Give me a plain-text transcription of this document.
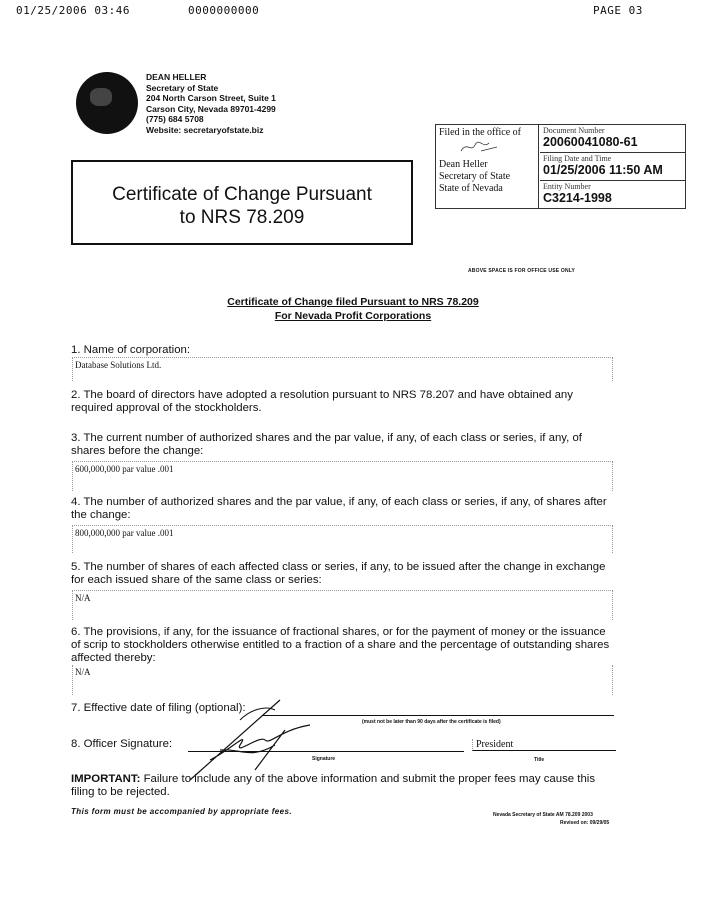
01/25/2006 03:46	0000000000	PAGE 03
DEAN HELLER
Secretary of State
204 North Carson Street, Suite 1
Carson City, Nevada 89701-4299
(775) 684 5708
Website: secretaryofstate.biz
Certificate of Change Pursuant
to NRS 78.209
Filed in the office of
Dean Heller
Secretary of State
State of Nevada
Document Number
20060041080-61
Filing Date and Time
01/25/2006 11:50 AM
Entity Number
C3214-1998
ABOVE SPACE IS FOR OFFICE USE ONLY
Certificate of Change filed Pursuant to NRS 78.209
For Nevada Profit Corporations
1. Name of corporation:
Database Solutions Ltd.
2. The board of directors have adopted a resolution pursuant to NRS 78.207 and have obtained any required approval of the stockholders.
3. The current number of authorized shares and the par value, if any, of each class or series, if any, of shares before the change:
600,000,000 par value .001
4. The number of authorized shares and the par value, if any, of each class or series, if any, of shares after the change:
800,000,000 par value .001
5. The number of shares of each affected class or series, if any, to be issued after the change in exchange for each issued share of the same class or series:
N/A
6. The provisions, if any, for the issuance of fractional shares, or for the payment of money or the issuance of scrip to stockholders otherwise entitled to a fraction of a share and the percentage of outstanding shares affected thereby:
N/A
7. Effective date of filing (optional):
(must not be later than 90 days after the certificate is filed)
8. Officer Signature:
Signature
President
Title
IMPORTANT: Failure to include any of the above information and submit the proper fees may cause this filing to be rejected.
This form must be accompanied by appropriate fees.	Nevada Secretary of State AM 78.209 2003
Revised on: 09/29/05
